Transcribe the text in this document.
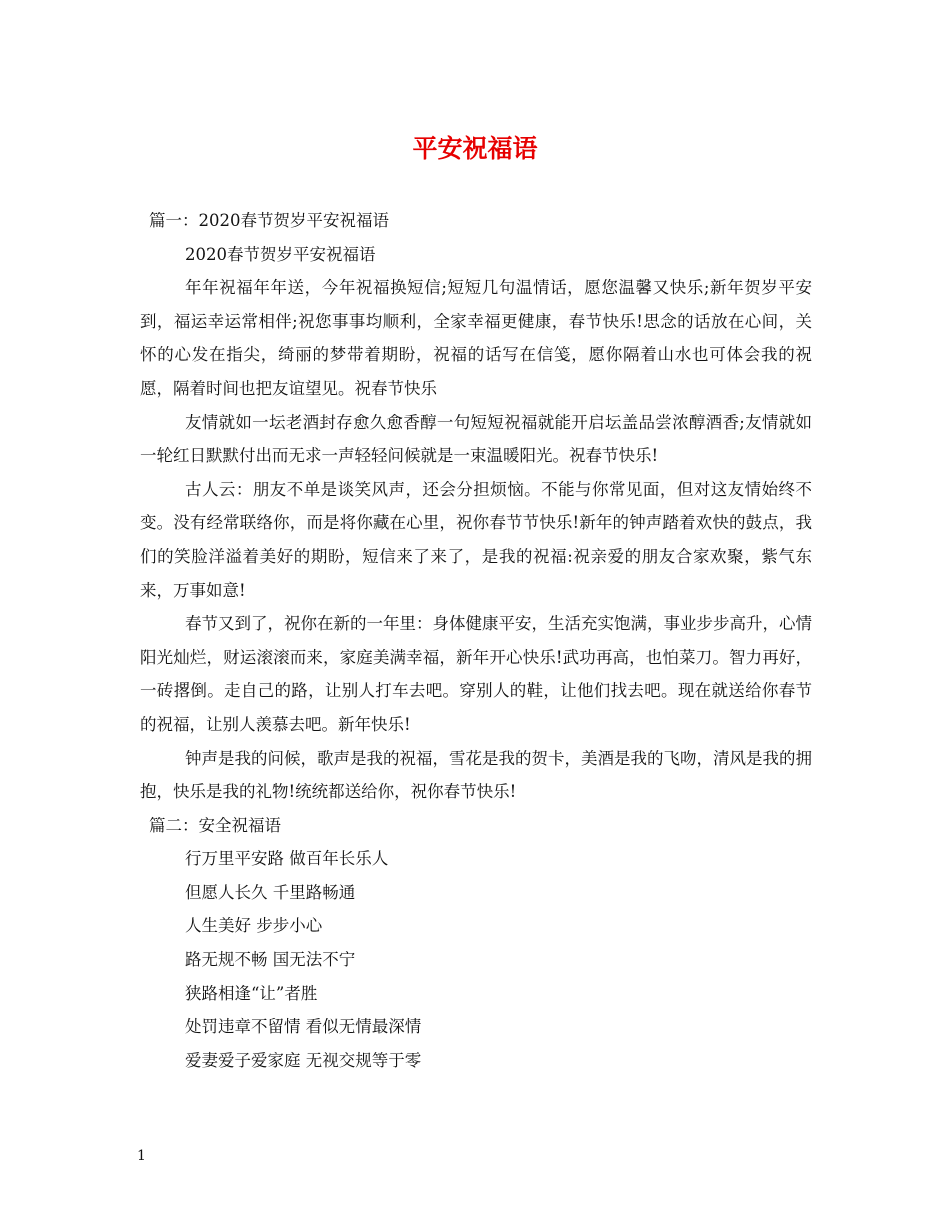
平安祝福语

篇一：2020春节贺岁平安祝福语

2020春节贺岁平安祝福语

年年祝福年年送，今年祝福换短信;短短几句温情话，愿您温馨又快乐;新年贺岁平安到，福运幸运常相伴;祝您事事均顺利，全家幸福更健康，春节快乐!思念的话放在心间，关怀的心发在指尖，绮丽的梦带着期盼，祝福的话写在信笺，愿你隔着山水也可体会我的祝愿，隔着时间也把友谊望见。祝春节快乐

友情就如一坛老酒封存愈久愈香醇一句短短祝福就能开启坛盖品尝浓醇酒香;友情就如一轮红日默默付出而无求一声轻轻问候就是一束温暖阳光。祝春节快乐!

古人云：朋友不单是谈笑风声，还会分担烦恼。不能与你常见面，但对这友情始终不变。没有经常联络你，而是将你藏在心里，祝你春节节快乐!新年的钟声踏着欢快的鼓点，我们的笑脸洋溢着美好的期盼，短信来了来了，是我的祝福:祝亲爱的朋友合家欢聚，紫气东来，万事如意!

春节又到了，祝你在新的一年里：身体健康平安，生活充实饱满，事业步步高升，心情阳光灿烂，财运滚滚而来，家庭美满幸福，新年开心快乐!武功再高，也怕菜刀。智力再好，一砖撂倒。走自己的路，让别人打车去吧。穿别人的鞋，让他们找去吧。现在就送给你春节的祝福，让别人羡慕去吧。新年快乐!

钟声是我的问候，歌声是我的祝福，雪花是我的贺卡，美酒是我的飞吻，清风是我的拥抱，快乐是我的礼物!统统都送给你，祝你春节快乐!

篇二：安全祝福语

行万里平安路 做百年长乐人

但愿人长久 千里路畅通

人生美好 步步小心

路无规不畅 国无法不宁

狭路相逢“让”者胜

处罚违章不留情 看似无情最深情

爱妻爱子爱家庭 无视交规等于零

1
